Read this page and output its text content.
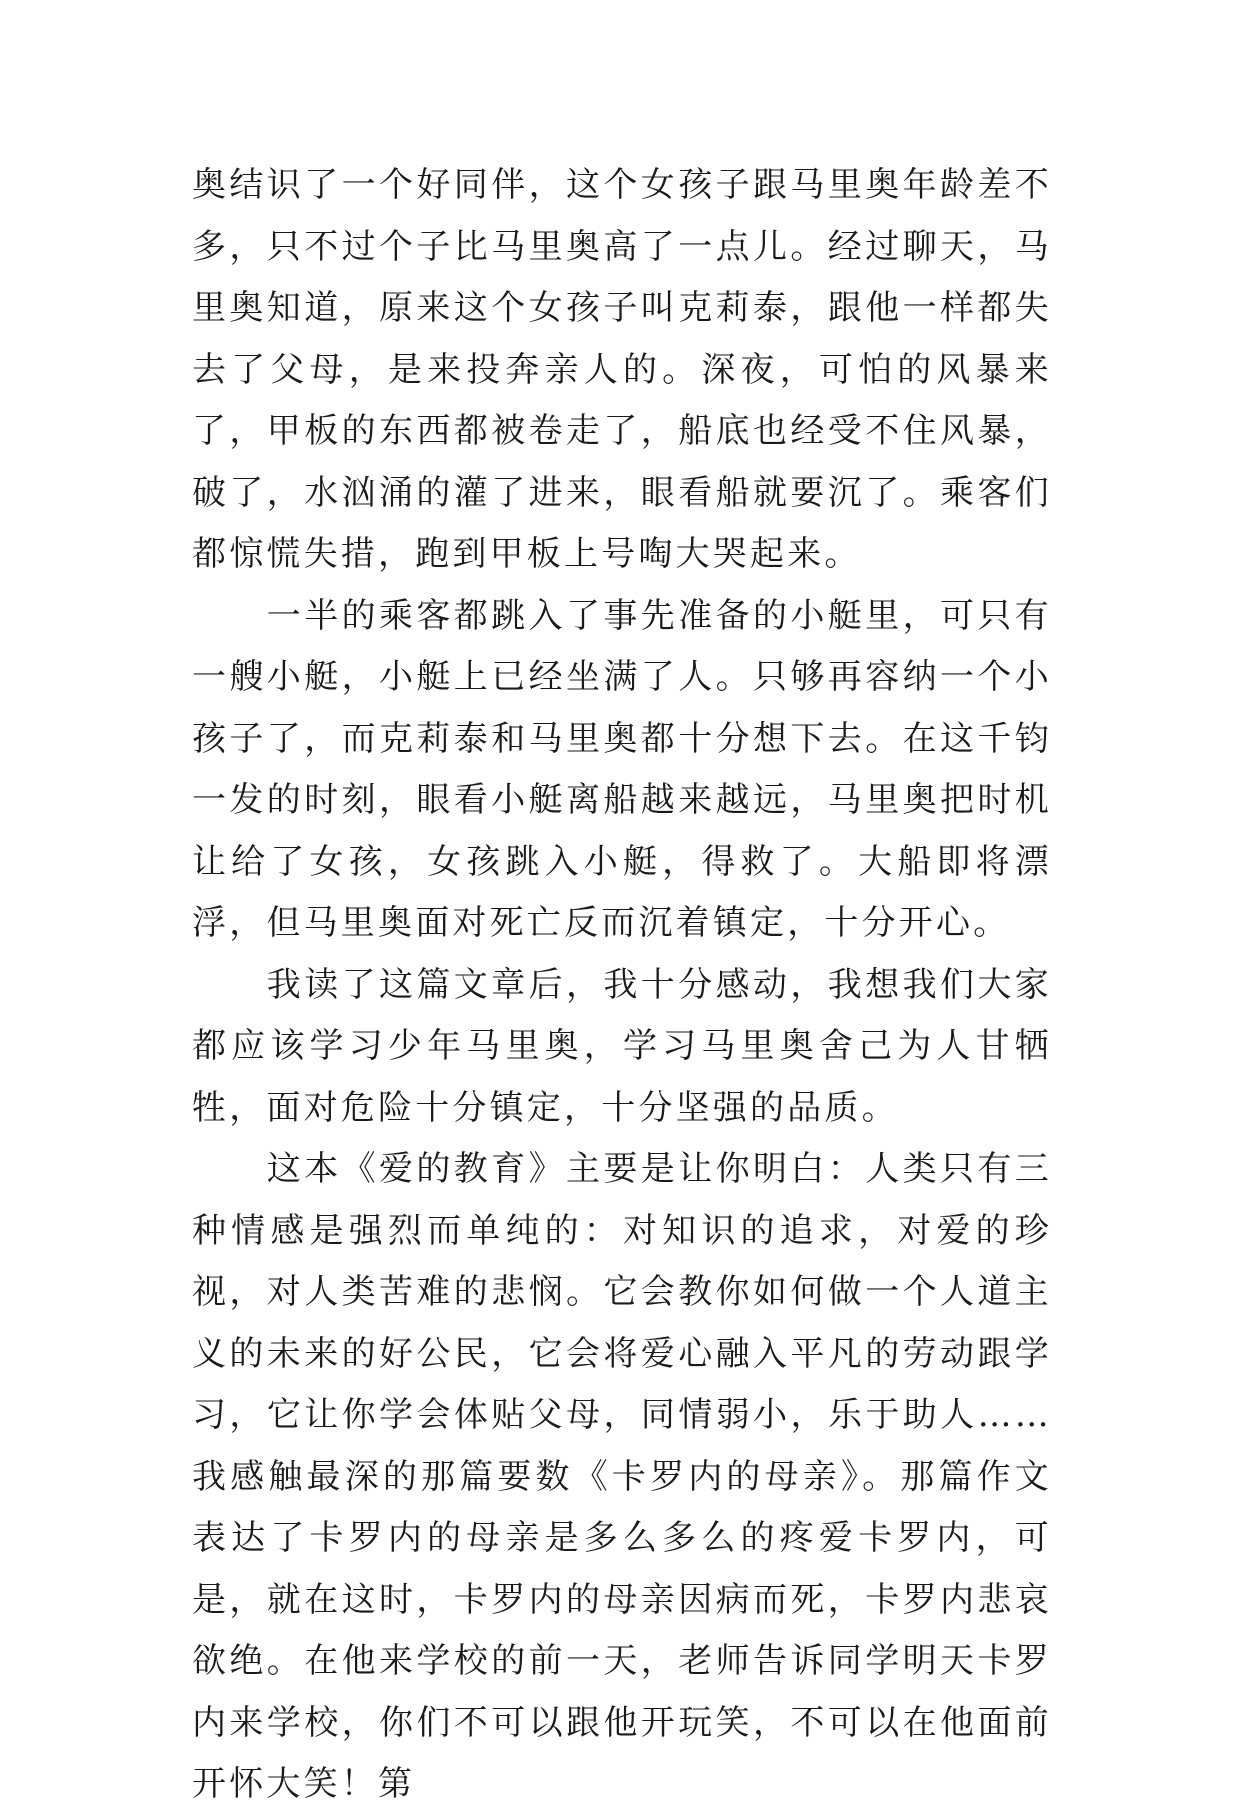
奥结识了一个好同伴，这个女孩子跟马里奥年龄差不多，只不过个子比马里奥高了一点儿。经过聊天，马里奥知道，原来这个女孩子叫克莉泰，跟他一样都失去了父母，是来投奔亲人的。深夜，可怕的风暴来了，甲板的东西都被卷走了，船底也经受不住风暴，破了，水汹涌的灌了进来，眼看船就要沉了。乘客们都惊慌失措，跑到甲板上号啕大哭起来。

一半的乘客都跳入了事先准备的小艇里，可只有一艘小艇，小艇上已经坐满了人。只够再容纳一个小孩子了，而克莉泰和马里奥都十分想下去。在这千钧一发的时刻，眼看小艇离船越来越远，马里奥把时机让给了女孩，女孩跳入小艇，得救了。大船即将漂浮，但马里奥面对死亡反而沉着镇定，十分开心。

我读了这篇文章后，我十分感动，我想我们大家都应该学习少年马里奥，学习马里奥舍己为人甘牺牲，面对危险十分镇定，十分坚强的品质。

这本《爱的教育》主要是让你明白：人类只有三种情感是强烈而单纯的：对知识的追求，对爱的珍视，对人类苦难的悲悯。它会教你如何做一个人道主义的未来的好公民，它会将爱心融入平凡的劳动跟学习，它让你学会体贴父母，同情弱小，乐于助人……我感触最深的那篇要数《卡罗内的母亲》。那篇作文表达了卡罗内的母亲是多么多么的疼爱卡罗内，可是，就在这时，卡罗内的母亲因病而死，卡罗内悲哀欲绝。在他来学校的前一天，老师告诉同学明天卡罗内来学校，你们不可以跟他开玩笑，不可以在他面前开怀大笑！第
